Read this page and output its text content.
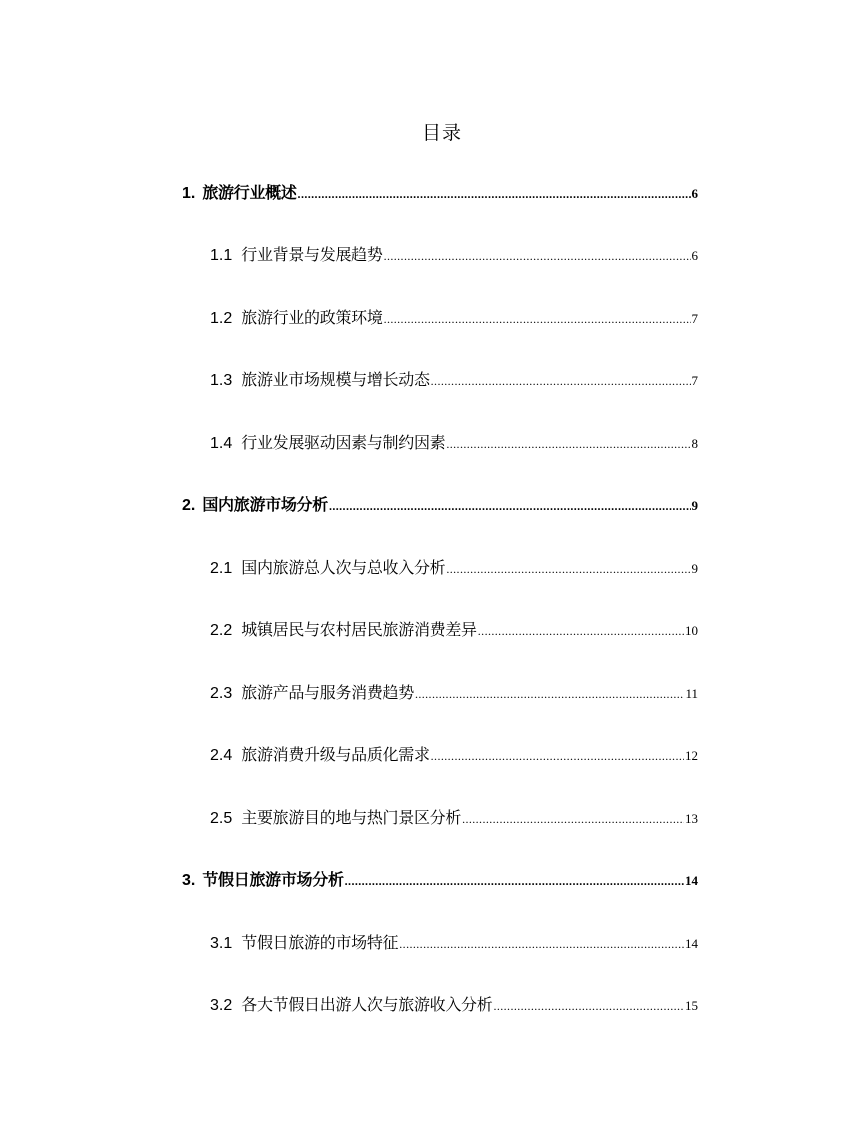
目录
1. 旅游行业概述 .....	6
1.1 行业背景与发展趋势 .....	6
1.2 旅游行业的政策环境 .....	7
1.3 旅游业市场规模与增长动态 .....	7
1.4 行业发展驱动因素与制约因素 .....	8
2. 国内旅游市场分析 .....	9
2.1 国内旅游总人次与总收入分析 .....	9
2.2 城镇居民与农村居民旅游消费差异 .....	10
2.3 旅游产品与服务消费趋势 .....	11
2.4 旅游消费升级与品质化需求 .....	12
2.5 主要旅游目的地与热门景区分析 .....	13
3. 节假日旅游市场分析 .....	14
3.1 节假日旅游的市场特征 .....	14
3.2 各大节假日出游人次与旅游收入分析 .....	15
